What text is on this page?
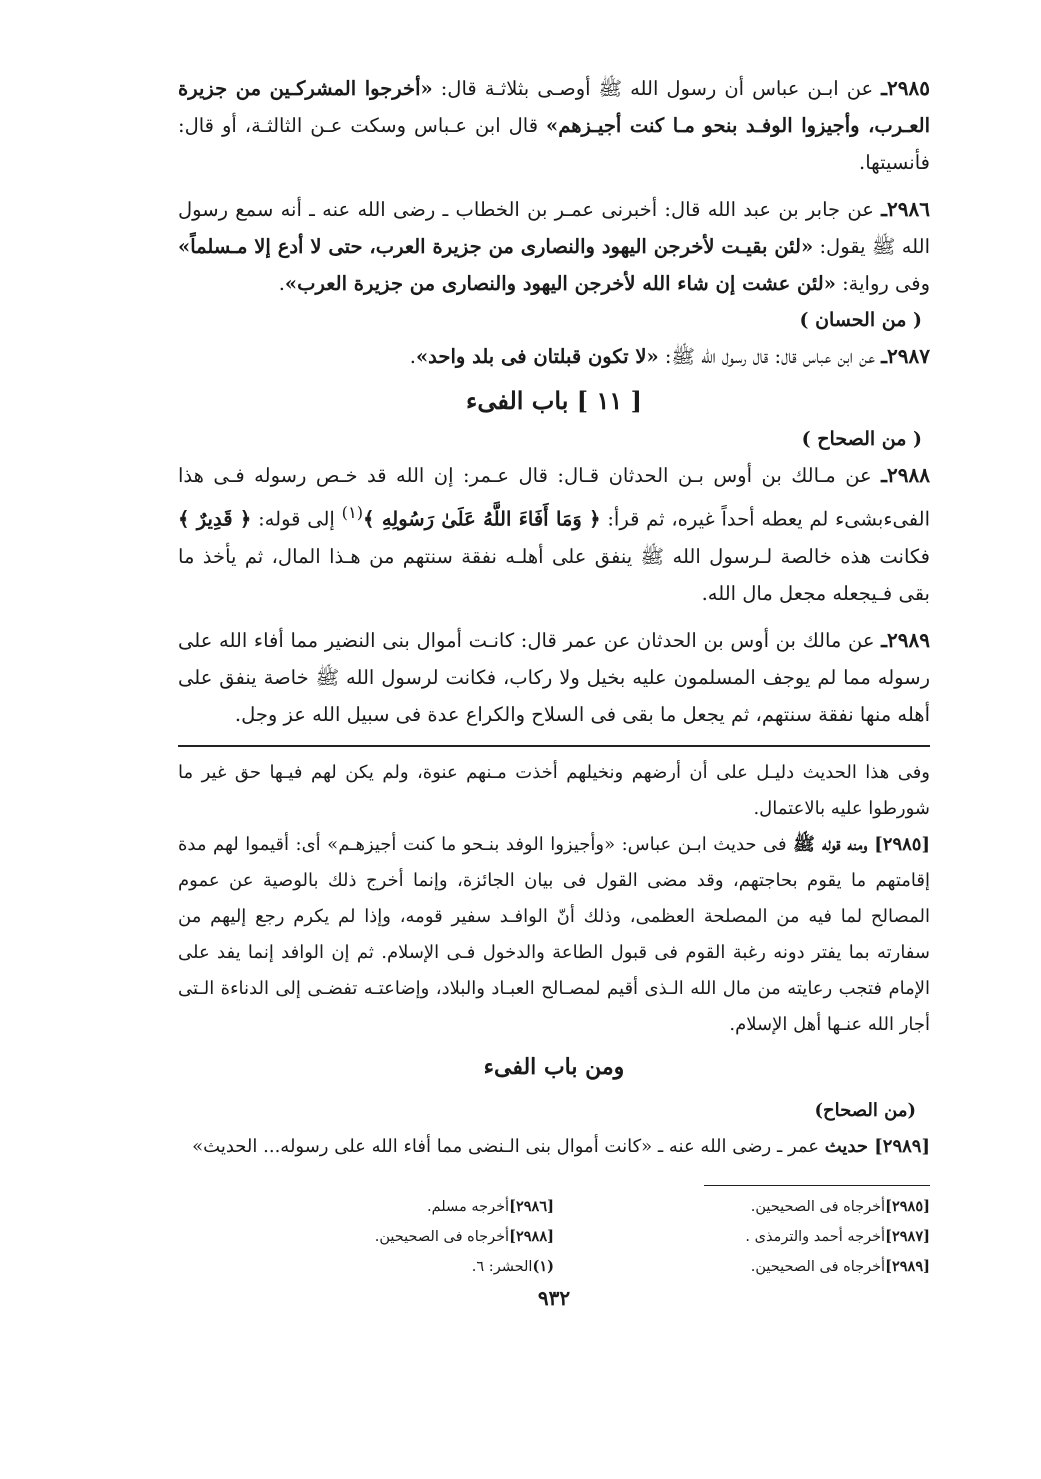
٢٩٨٥ـ عن ابـن عباس أن رسول الله ﷺ أوصـى بثلاثـة قال: «أخرجوا المشركـين من جزيرة العـرب، وأجيزوا الوفـد بنحو مـا كنت أجيـزهم» قال ابن عـباس وسكت عـن الثالثـة، أو قال: فأنسيتها.

٢٩٨٦ـ عن جابر بن عبد الله قال: أخبرنى عمـر بن الخطاب ـ رضى الله عنه ـ أنه سمع رسول الله ﷺ يقول: «لئن بقيـت لأخرجن اليهود والنصارى من جزيرة العرب، حتى لا أدع إلا مـسلماً» وفى رواية: «لئن عشت إن شاء الله لأخرجن اليهود والنصارى من جزيرة العرب».

( من الحسان )

٢٩٨٧ـ عن ابن عباس قال: قال رسول الله ﷺ: «لا تكون قبلتان فى بلد واحد».

[ ١١ ] باب الفىء

( من الصحاح )

٢٩٨٨ـ عن مـالك بن أوس بـن الحدثان قـال: قال عـمر: إن الله قد خـص رسوله فـى هذا الفىءبشىء لم يعطه أحداً غيره، ثم قرأ: ﴿ وَمَا أَفَاءَ اللَّهُ عَلَىٰ رَسُولِهِ ﴾$^{(١)}$ إلى قوله: ﴿ قَدِيرٌ ﴾ فكانت هذه خالصة لـرسول الله ﷺ ينفق على أهلـه نفقة سنتهم من هـذا المال، ثم يأخذ ما بقى فـيجعله مجعل مال الله.

٢٩٨٩ـ عن مالك بن أوس بن الحدثان عن عمر قال: كانـت أموال بنى النضير مما أفاء الله على رسوله مما لم يوجف المسلمون عليه بخيل ولا ركاب، فكانت لرسول الله ﷺ خاصة ينفق على أهله منها نفقة سنتهم، ثم يجعل ما بقى فى السلاح والكراع عدة فى سبيل الله عز وجل.

وفى هذا الحديث دليـل على أن أرضهم ونخيلهم أخذت مـنهم عنوة، ولم يكن لهم فيـها حق غير ما شورطوا عليه بالاعتمال.

[٢٩٨٥] ومنه قوله ﷺ فى حديث ابـن عباس: «وأجيزوا الوفد بنـحو ما كنت أجيزهـم» أى: أقيموا لهم مدة إقامتهم ما يقوم بحاجتهم، وقد مضى القول فى بيان الجائزة، وإنما أخرج ذلك بالوصية عن عموم المصالح لما فيه من المصلحة العظمى، وذلك أنّ الوافـد سفير قومه، وإذا لم يكرم رجع إليهم من سفارته بما يفتر دونه رغبة القوم فى قبول الطاعة والدخول فـى الإسلام. ثم إن الوافد إنما يفد على الإمام فتجب رعايته من مال الله الـذى أقيم لمصـالح العبـاد والبلاد، وإضاعتـه تفضـى إلى الدناءة الـتى أجار الله عنـها أهل الإسلام.

ومن باب الفىء

(من الصحاح)

[٢٩٨٩] حديث عمر ـ رضى الله عنه ـ «كانت أموال بنى الـنضى مما أفاء الله على رسوله... الحديث»

[٢٩٨٥]أخرجاه فى الصحيحين.
[٢٩٨٧]أخرجه أحمد والترمذى .
[٢٩٨٩]أخرجاه فى الصحيحين.
[٢٩٨٦]أخرجه مسلم.
[٢٩٨٨]أخرجاه فى الصحيحين.
(١)الحشر: ٦.
٩٣٢
